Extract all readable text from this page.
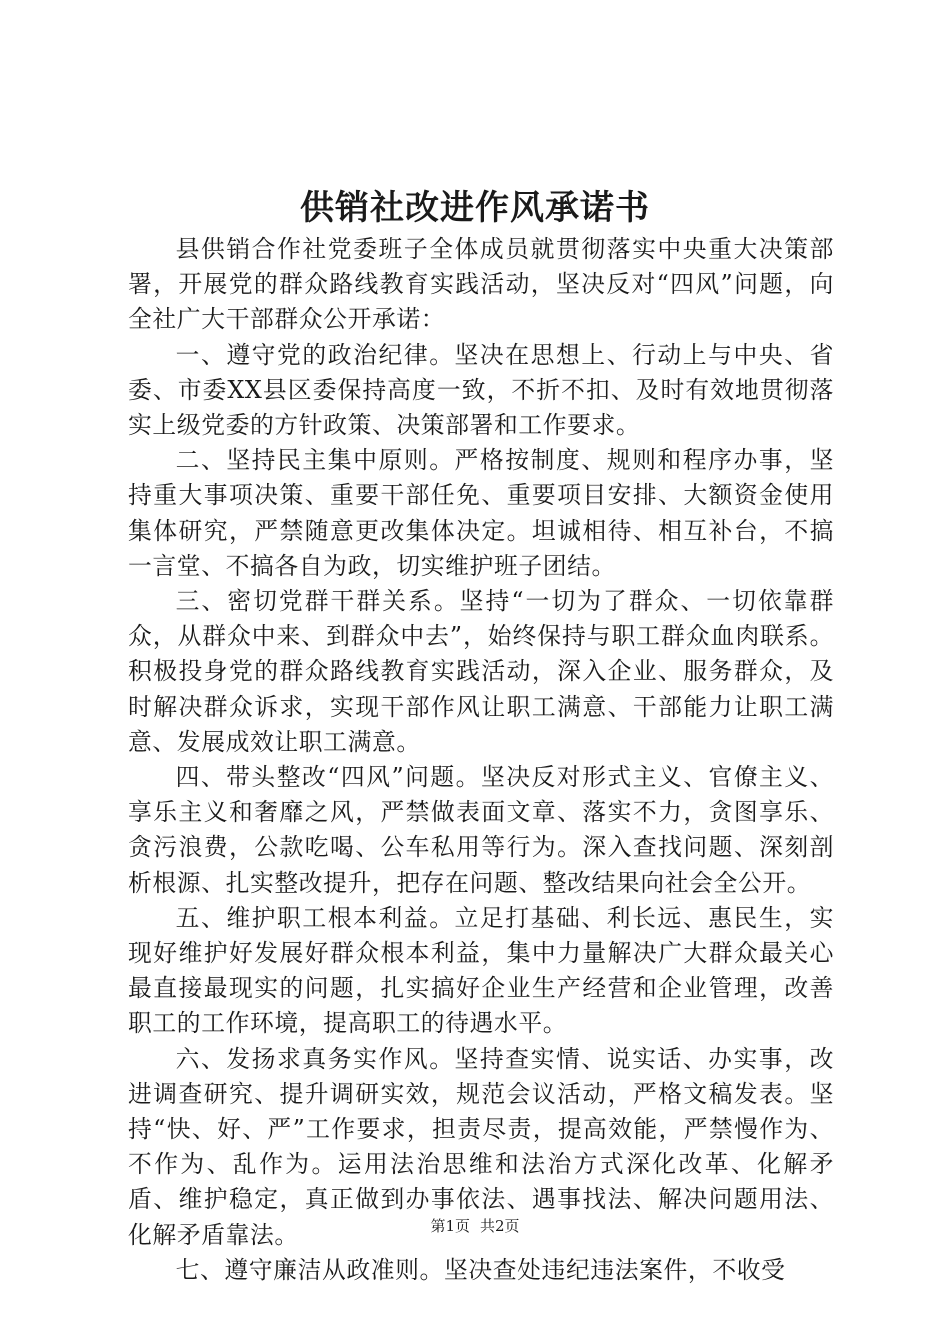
供销社改进作风承诺书

县供销合作社党委班子全体成员就贯彻落实中央重大决策部署，开展党的群众路线教育实践活动，坚决反对“四风”问题，向全社广大干部群众公开承诺：

一、遵守党的政治纪律。坚决在思想上、行动上与中央、省委、市委XX县区委保持高度一致，不折不扣、及时有效地贯彻落实上级党委的方针政策、决策部署和工作要求。

二、坚持民主集中原则。严格按制度、规则和程序办事，坚持重大事项决策、重要干部任免、重要项目安排、大额资金使用集体研究，严禁随意更改集体决定。坦诚相待、相互补台，不搞一言堂、不搞各自为政，切实维护班子团结。

三、密切党群干群关系。坚持“一切为了群众、一切依靠群众，从群众中来、到群众中去”，始终保持与职工群众血肉联系。积极投身党的群众路线教育实践活动，深入企业、服务群众，及时解决群众诉求，实现干部作风让职工满意、干部能力让职工满意、发展成效让职工满意。

四、带头整改“四风”问题。坚决反对形式主义、官僚主义、享乐主义和奢靡之风，严禁做表面文章、落实不力，贪图享乐、贪污浪费，公款吃喝、公车私用等行为。深入查找问题、深刻剖析根源、扎实整改提升，把存在问题、整改结果向社会全公开。

五、维护职工根本利益。立足打基础、利长远、惠民生，实现好维护好发展好群众根本利益，集中力量解决广大群众最关心最直接最现实的问题，扎实搞好企业生产经营和企业管理，改善职工的工作环境，提高职工的待遇水平。

六、发扬求真务实作风。坚持查实情、说实话、办实事，改进调查研究、提升调研实效，规范会议活动，严格文稿发表。坚持“快、好、严”工作要求，担责尽责，提高效能，严禁慢作为、不作为、乱作为。运用法治思维和法治方式深化改革、化解矛盾、维护稳定，真正做到办事依法、遇事找法、解决问题用法、化解矛盾靠法。

七、遵守廉洁从政准则。坚决查处违纪违法案件，不收受

第1页 共2页
